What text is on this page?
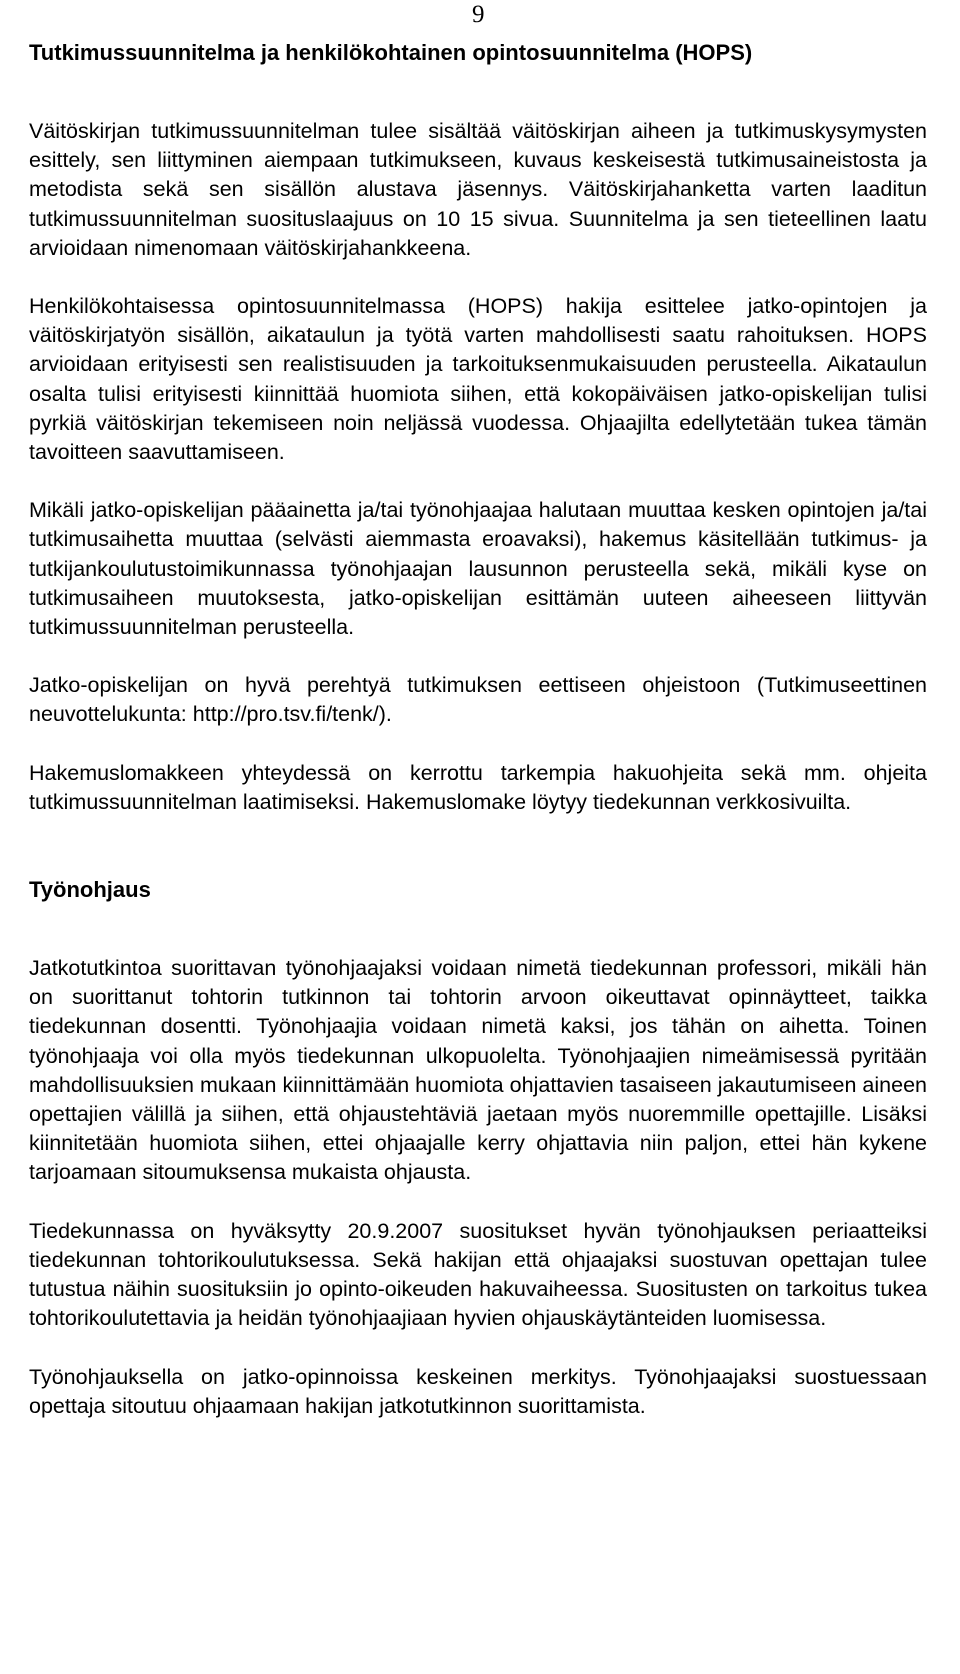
9
Tutkimussuunnitelma ja henkilökohtainen opintosuunnitelma (HOPS)

Väitöskirjan tutkimussuunnitelman tulee sisältää väitöskirjan aiheen ja tutkimuskysymysten esittely, sen liittyminen aiempaan tutkimukseen, kuvaus keskeisestä tutkimusaineistosta ja metodista sekä sen sisällön alustava jäsennys. Väitöskirjahanketta varten laaditun tutkimussuunnitelman suosituslaajuus on 10 15 sivua. Suunnitelma ja sen tieteellinen laatu arvioidaan nimenomaan väitöskirjahankkeena.

Henkilökohtaisessa opintosuunnitelmassa (HOPS) hakija esittelee jatko-opintojen ja väitöskirjatyön sisällön, aikataulun ja työtä varten mahdollisesti saatu rahoituksen. HOPS arvioidaan erityisesti sen realistisuuden ja tarkoituksenmukaisuuden perusteella. Aikataulun osalta tulisi erityisesti kiinnittää huomiota siihen, että kokopäiväisen jatko-opiskelijan tulisi pyrkiä väitöskirjan tekemiseen noin neljässä vuodessa. Ohjaajilta edellytetään tukea tämän tavoitteen saavuttamiseen.

Mikäli jatko-opiskelijan pääainetta ja/tai työnohjaajaa halutaan muuttaa kesken opintojen ja/tai tutkimusaihetta muuttaa (selvästi aiemmasta eroavaksi), hakemus käsitellään tutkimus- ja tutkijankoulutustoimikunnassa työnohjaajan lausunnon perusteella sekä, mikäli kyse on tutkimusaiheen muutoksesta, jatko-opiskelijan esittämän uuteen aiheeseen liittyvän tutkimussuunnitelman perusteella.

Jatko-opiskelijan on hyvä perehtyä tutkimuksen eettiseen ohjeistoon (Tutkimuseettinen neuvottelukunta: http://pro.tsv.fi/tenk/).

Hakemuslomakkeen yhteydessä on kerrottu tarkempia hakuohjeita sekä mm. ohjeita tutkimussuunnitelman laatimiseksi. Hakemuslomake löytyy tiedekunnan verkkosivuilta.

Työnohjaus

Jatkotutkintoa suorittavan työnohjaajaksi voidaan nimetä tiedekunnan professori, mikäli hän on suorittanut tohtorin tutkinnon tai tohtorin arvoon oikeuttavat opinnäytteet, taikka tiedekunnan dosentti. Työnohjaajia voidaan nimetä kaksi, jos tähän on aihetta. Toinen työnohjaaja voi olla myös tiedekunnan ulkopuolelta. Työnohjaajien nimeämisessä pyritään mahdollisuuksien mukaan kiinnittämään huomiota ohjattavien tasaiseen jakautumiseen aineen opettajien välillä ja siihen, että ohjaustehtäviä jaetaan myös nuoremmille opettajille. Lisäksi kiinnitetään huomiota siihen, ettei ohjaajalle kerry ohjattavia niin paljon, ettei hän kykene tarjoamaan sitoumuksensa mukaista ohjausta.

Tiedekunnassa on hyväksytty 20.9.2007 suositukset hyvän työnohjauksen periaatteiksi tiedekunnan tohtorikoulutuksessa. Sekä hakijan että ohjaajaksi suostuvan opettajan tulee tutustua näihin suosituksiin jo opinto-oikeuden hakuvaiheessa. Suositusten on tarkoitus tukea tohtorikoulutettavia ja heidän työnohjaajiaan hyvien ohjauskäytänteiden luomisessa.

Työnohjauksella on jatko-opinnoissa keskeinen merkitys. Työnohjaajaksi suostuessaan opettaja sitoutuu ohjaamaan hakijan jatkotutkinnon suorittamista.
